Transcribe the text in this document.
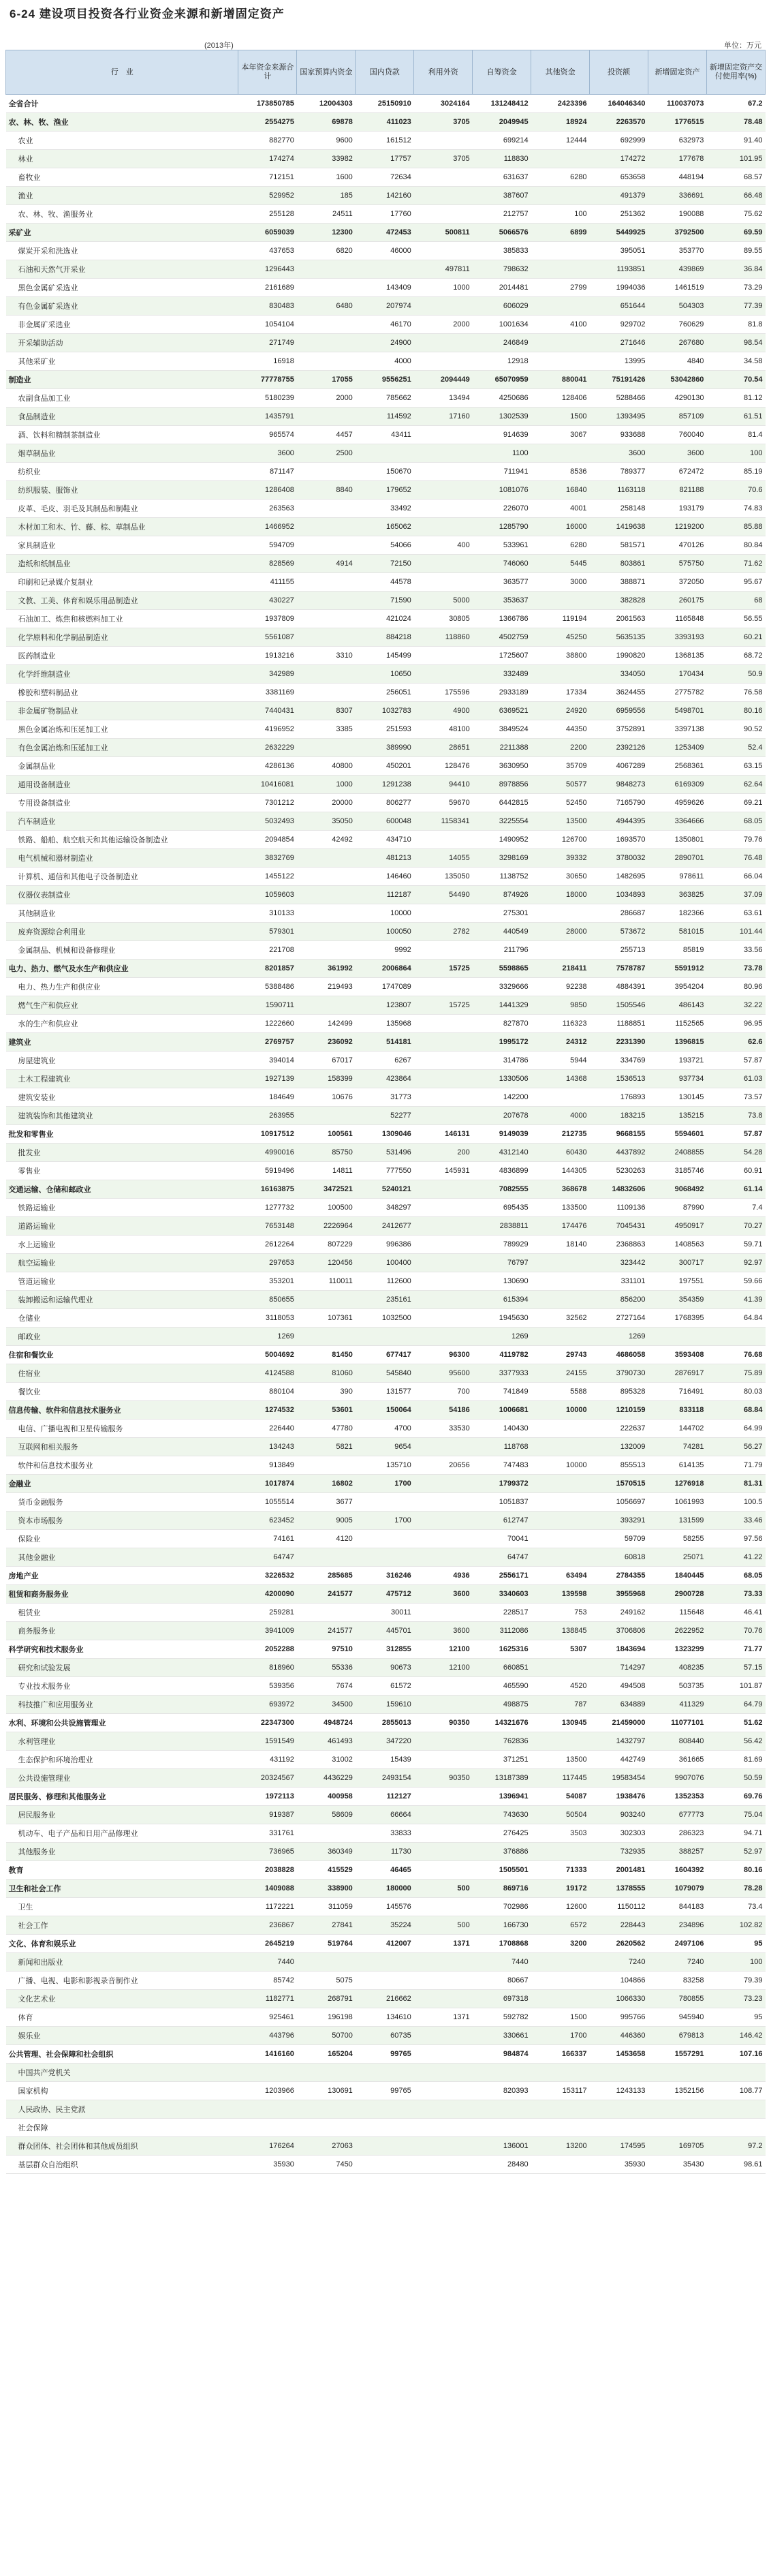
6-24 建设项目投资各行业资金来源和新增固定资产
(2013年)	单位：万元
行　业	本年资金来源合计	国家预算内资金	国内贷款	利用外资	自筹资金	其他资金	投资额	新增固定资产	新增固定资产交付使用率(%)
全省合计	173850785	12004303	25150910	3024164	131248412	2423396	164046340	110037073	67.2
农、林、牧、渔业	2554275	69878	411023	3705	2049945	18924	2263570	1776515	78.48
农业	882770	9600	161512		699214	12444	692999	632973	91.40
林业	174274	33982	17757	3705	118830		174272	177678	101.95
畜牧业	712151	1600	72634		631637	6280	653658	448194	68.57
渔业	529952	185	142160		387607		491379	336691	66.48
农、林、牧、渔服务业	255128	24511	17760		212757	100	251362	190088	75.62
采矿业	6059039	12300	472453	500811	5066576	6899	5449925	3792500	69.59
煤炭开采和洗选业	437653	6820	46000		385833		395051	353770	89.55
石油和天然气开采业	1296443			497811	798632		1193851	439869	36.84
黑色金属矿采选业	2161689		143409	1000	2014481	2799	1994036	1461519	73.29
有色金属矿采选业	830483	6480	207974		606029		651644	504303	77.39
非金属矿采选业	1054104		46170	2000	1001634	4100	929702	760629	81.8
开采辅助活动	271749		24900		246849		271646	267680	98.54
其他采矿业	16918		4000		12918		13995	4840	34.58
制造业	77778755	17055	9556251	2094449	65070959	880041	75191426	53042860	70.54
农副食品加工业	5180239	2000	785662	13494	4250686	128406	5288466	4290130	81.12
食品制造业	1435791		114592	17160	1302539	1500	1393495	857109	61.51
酒、饮料和精制茶制造业	965574	4457	43411		914639	3067	933688	760040	81.4
烟草制品业	3600	2500			1100		3600	3600	100
纺织业	871147		150670		711941	8536	789377	672472	85.19
纺织服装、服饰业	1286408	8840	179652		1081076	16840	1163118	821188	70.6
皮革、毛皮、羽毛及其制品和制鞋业	263563		33492		226070	4001	258148	193179	74.83
木材加工和木、竹、藤、棕、草制品业	1466952		165062		1285790	16000	1419638	1219200	85.88
家具制造业	594709		54066	400	533961	6280	581571	470126	80.84
造纸和纸制品业	828569	4914	72150		746060	5445	803861	575750	71.62
印刷和记录媒介复制业	411155		44578		363577	3000	388871	372050	95.67
文教、工美、体育和娱乐用品制造业	430227		71590	5000	353637		382828	260175	68
石油加工、炼焦和核燃料加工业	1937809		421024	30805	1366786	119194	2061563	1165848	56.55
化学原料和化学制品制造业	5561087		884218	118860	4502759	45250	5635135	3393193	60.21
医药制造业	1913216	3310	145499		1725607	38800	1990820	1368135	68.72
化学纤维制造业	342989		10650		332489		334050	170434	50.9
橡胶和塑料制品业	3381169		256051	175596	2933189	17334	3624455	2775782	76.58
非金属矿物制品业	7440431	8307	1032783	4900	6369521	24920	6959556	5498701	80.16
黑色金属冶炼和压延加工业	4196952	3385	251593	48100	3849524	44350	3752891	3397138	90.52
有色金属冶炼和压延加工业	2632229		389990	28651	2211388	2200	2392126	1253409	52.4
金属制品业	4286136	40800	450201	128476	3630950	35709	4067289	2568361	63.15
通用设备制造业	10416081	1000	1291238	94410	8978856	50577	9848273	6169309	62.64
专用设备制造业	7301212	20000	806277	59670	6442815	52450	7165790	4959626	69.21
汽车制造业	5032493	35050	600048	1158341	3225554	13500	4944395	3364666	68.05
铁路、船舶、航空航天和其他运输设备制造业	2094854	42492	434710		1490952	126700	1693570	1350801	79.76
电气机械和器材制造业	3832769		481213	14055	3298169	39332	3780032	2890701	76.48
计算机、通信和其他电子设备制造业	1455122		146460	135050	1138752	30650	1482695	978611	66.04
仪器仪表制造业	1059603		112187	54490	874926	18000	1034893	363825	37.09
其他制造业	310133		10000		275301		286687	182366	63.61
废弃资源综合利用业	579301		100050	2782	440549	28000	573672	581015	101.44
金属制品、机械和设备修理业	221708		9992		211796		255713	85819	33.56
电力、热力、燃气及水生产和供应业	8201857	361992	2006864	15725	5598865	218411	7578787	5591912	73.78
电力、热力生产和供应业	5388486	219493	1747089		3329666	92238	4884391	3954204	80.96
燃气生产和供应业	1590711		123807	15725	1441329	9850	1505546	486143	32.22
水的生产和供应业	1222660	142499	135968		827870	116323	1188851	1152565	96.95
建筑业	2769757	236092	514181		1995172	24312	2231390	1396815	62.6
房屋建筑业	394014	67017	6267		314786	5944	334769	193721	57.87
土木工程建筑业	1927139	158399	423864		1330506	14368	1536513	937734	61.03
建筑安装业	184649	10676	31773		142200		176893	130145	73.57
建筑装饰和其他建筑业	263955		52277		207678	4000	183215	135215	73.8
批发和零售业	10917512	100561	1309046	146131	9149039	212735	9668155	5594601	57.87
批发业	4990016	85750	531496	200	4312140	60430	4437892	2408855	54.28
零售业	5919496	14811	777550	145931	4836899	144305	5230263	3185746	60.91
交通运输、仓储和邮政业	16163875	3472521	5240121		7082555	368678	14832606	9068492	61.14
铁路运输业	1277732	100500	348297		695435	133500	1109136	87990	7.4
道路运输业	7653148	2226964	2412677		2838811	174476	7045431	4950917	70.27
水上运输业	2612264	807229	996386		789929	18140	2368863	1408563	59.71
航空运输业	297653	120456	100400		76797		323442	300717	92.97
管道运输业	353201	110011	112600		130690		331101	197551	59.66
装卸搬运和运输代理业	850655		235161		615394		856200	354359	41.39
仓储业	3118053	107361	1032500		1945630	32562	2727164	1768395	64.84
邮政业	1269				1269		1269		
住宿和餐饮业	5004692	81450	677417	96300	4119782	29743	4686058	3593408	76.68
住宿业	4124588	81060	545840	95600	3377933	24155	3790730	2876917	75.89
餐饮业	880104	390	131577	700	741849	5588	895328	716491	80.03
信息传输、软件和信息技术服务业	1274532	53601	150064	54186	1006681	10000	1210159	833118	68.84
电信、广播电视和卫星传输服务	226440	47780	4700	33530	140430		222637	144702	64.99
互联网和相关服务	134243	5821	9654		118768		132009	74281	56.27
软件和信息技术服务业	913849		135710	20656	747483	10000	855513	614135	71.79
金融业	1017874	16802	1700		1799372		1570515	1276918	81.31
货币金融服务	1055514	3677			1051837		1056697	1061993	100.5
资本市场服务	623452	9005	1700		612747		393291	131599	33.46
保险业	74161	4120			70041		59709	58255	97.56
其他金融业	64747				64747		60818	25071	41.22
房地产业	3226532	285685	316246	4936	2556171	63494	2784355	1840445	68.05
租赁和商务服务业	4200090	241577	475712	3600	3340603	139598	3955968	2900728	73.33
租赁业	259281		30011		228517	753	249162	115648	46.41
商务服务业	3941009	241577	445701	3600	3112086	138845	3706806	2622952	70.76
科学研究和技术服务业	2052288	97510	312855	12100	1625316	5307	1843694	1323299	71.77
研究和试验发展	818960	55336	90673	12100	660851		714297	408235	57.15
专业技术服务业	539356	7674	61572		465590	4520	494508	503735	101.87
科技推广和应用服务业	693972	34500	159610		498875	787	634889	411329	64.79
水利、环境和公共设施管理业	22347300	4948724	2855013	90350	14321676	130945	21459000	11077101	51.62
水利管理业	1591549	461493	347220		762836		1432797	808440	56.42
生态保护和环境治理业	431192	31002	15439		371251	13500	442749	361665	81.69
公共设施管理业	20324567	4436229	2493154	90350	13187389	117445	19583454	9907076	50.59
居民服务、修理和其他服务业	1972113	400958	112127		1396941	54087	1938476	1352353	69.76
居民服务业	919387	58609	66664		743630	50504	903240	677773	75.04
机动车、电子产品和日用产品修理业	331761		33833		276425	3503	302303	286323	94.71
其他服务业	736965	360349	11730		376886		732935	388257	52.97
教育	2038828	415529	46465		1505501	71333	2001481	1604392	80.16
卫生和社会工作	1409088	338900	180000	500	869716	19172	1378555	1079079	78.28
卫生	1172221	311059	145576		702986	12600	1150112	844183	73.4
社会工作	236867	27841	35224	500	166730	6572	228443	234896	102.82
文化、体育和娱乐业	2645219	519764	412007	1371	1708868	3200	2620562	2497106	95
新闻和出版业	7440				7440		7240	7240	100
广播、电视、电影和影视录音制作业	85742	5075			80667		104866	83258	79.39
文化艺术业	1182771	268791	216662		697318		1066330	780855	73.23
体育	925461	196198	134610	1371	592782	1500	995766	945940	95
娱乐业	443796	50700	60735		330661	1700	446360	679813	146.42
公共管理、社会保障和社会组织	1416160	165204	99765		984874	166337	1453658	1557291	107.16
中国共产党机关									
国家机构	1203966	130691	99765		820393	153117	1243133	1352156	108.77
人民政协、民主党派									
社会保障									
群众团体、社会团体和其他成员组织	176264	27063			136001	13200	174595	169705	97.2
基层群众自治组织	35930	7450			28480		35930	35430	98.61
